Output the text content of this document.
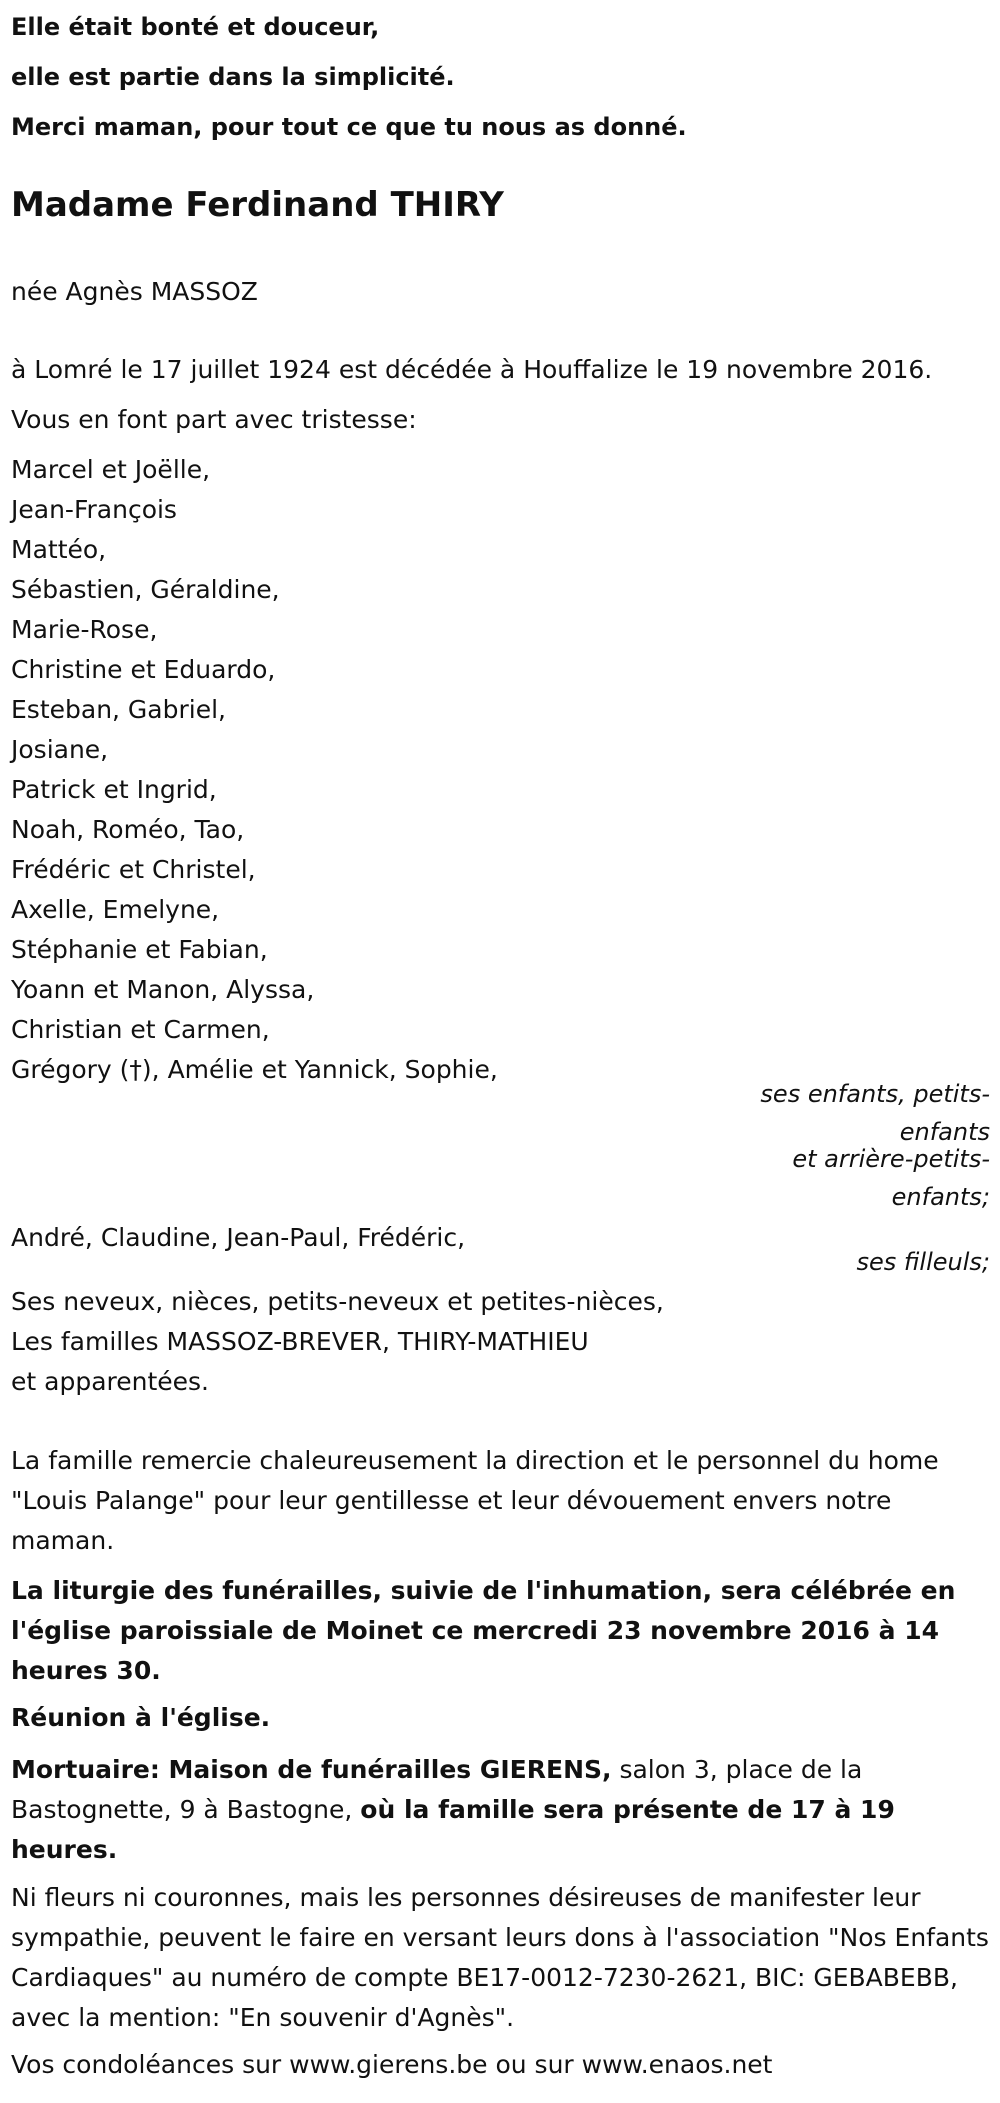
Elle était bonté et douceur,
elle est partie dans la simplicité.
Merci maman, pour tout ce que tu nous as donné.
Madame Ferdinand THIRY
née Agnès MASSOZ
à Lomré le 17 juillet 1924 est décédée à Houffalize le 19 novembre 2016.
Vous en font part avec tristesse:
Marcel et Joëlle,
Jean-François
Mattéo,
Sébastien, Géraldine,
Marie-Rose,
Christine et Eduardo,
Esteban, Gabriel,
Josiane,
Patrick et Ingrid,
Noah, Roméo, Tao,
Frédéric et Christel,
Axelle, Emelyne,
Stéphanie et Fabian,
Yoann et Manon, Alyssa,
Christian et Carmen,
Grégory (†), Amélie et Yannick, Sophie,
ses enfants, petits-enfants
et arrière-petits-enfants;
André, Claudine, Jean-Paul, Frédéric,
ses filleuls;
Ses neveux, nièces, petits-neveux et petites-nièces,
Les familles MASSOZ-BREVER, THIRY-MATHIEU
et apparentées.

La famille remercie chaleureusement la direction et le personnel du home "Louis Palange" pour leur gentillesse et leur dévouement envers notre maman.

La liturgie des funérailles, suivie de l'inhumation, sera célébrée en l'église paroissiale de Moinet ce mercredi 23 novembre 2016 à 14 heures 30.

Réunion à l'église.

Mortuaire: Maison de funérailles GIERENS, salon 3, place de la Bastognette, 9 à Bastogne, où la famille sera présente de 17 à 19 heures.

Ni fleurs ni couronnes, mais les personnes désireuses de manifester leur sympathie, peuvent le faire en versant leurs dons à l'association "Nos Enfants Cardiaques" au numéro de compte BE17-0012-7230-2621, BIC: GEBABEBB, avec la mention: "En souvenir d'Agnès".

Vos condoléances sur www.gierens.be ou sur www.enaos.net
